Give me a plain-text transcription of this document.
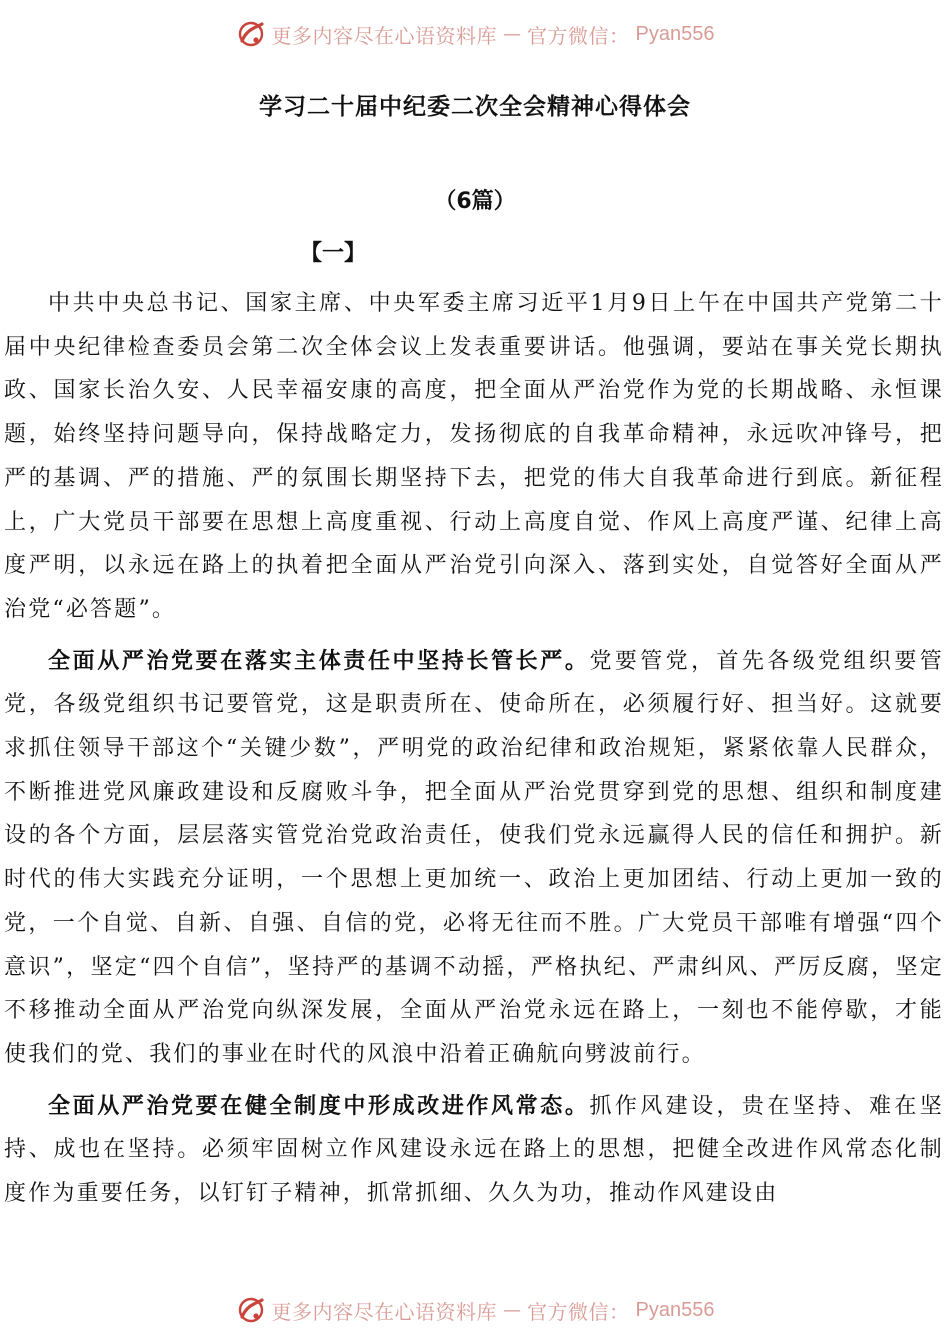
更多内容尽在心语资料库 — 官方微信： Pyan556
学习二十届中纪委二次全会精神心得体会
（6篇）
【一】

中共中央总书记、国家主席、中央军委主席习近平1月9日上午在中国共产党第二十届中央纪律检查委员会第二次全体会议上发表重要讲话。他强调，要站在事关党长期执政、国家长治久安、人民幸福安康的高度，把全面从严治党作为党的长期战略、永恒课题，始终坚持问题导向，保持战略定力，发扬彻底的自我革命精神，永远吹冲锋号，把严的基调、严的措施、严的氛围长期坚持下去，把党的伟大自我革命进行到底。新征程上，广大党员干部要在思想上高度重视、行动上高度自觉、作风上高度严谨、纪律上高度严明，以永远在路上的执着把全面从严治党引向深入、落到实处，自觉答好全面从严治党“必答题”。

全面从严治党要在落实主体责任中坚持长管长严。党要管党，首先各级党组织要管党，各级党组织书记要管党，这是职责所在、使命所在，必须履行好、担当好。这就要求抓住领导干部这个“关键少数”，严明党的政治纪律和政治规矩，紧紧依靠人民群众，不断推进党风廉政建设和反腐败斗争，把全面从严治党贯穿到党的思想、组织和制度建设的各个方面，层层落实管党治党政治责任，使我们党永远赢得人民的信任和拥护。新时代的伟大实践充分证明，一个思想上更加统一、政治上更加团结、行动上更加一致的党，一个自觉、自新、自强、自信的党，必将无往而不胜。广大党员干部唯有增强“四个意识”，坚定“四个自信”，坚持严的基调不动摇，严格执纪、严肃纠风、严厉反腐，坚定不移推动全面从严治党向纵深发展，全面从严治党永远在路上，一刻也不能停歇，才能使我们的党、我们的事业在时代的风浪中沿着正确航向劈波前行。

全面从严治党要在健全制度中形成改进作风常态。抓作风建设，贵在坚持、难在坚持、成也在坚持。必须牢固树立作风建设永远在路上的思想，把健全改进作风常态化制度作为重要任务，以钉钉子精神，抓常抓细、久久为功，推动作风建设由

更多内容尽在心语资料库 — 官方微信： Pyan556
